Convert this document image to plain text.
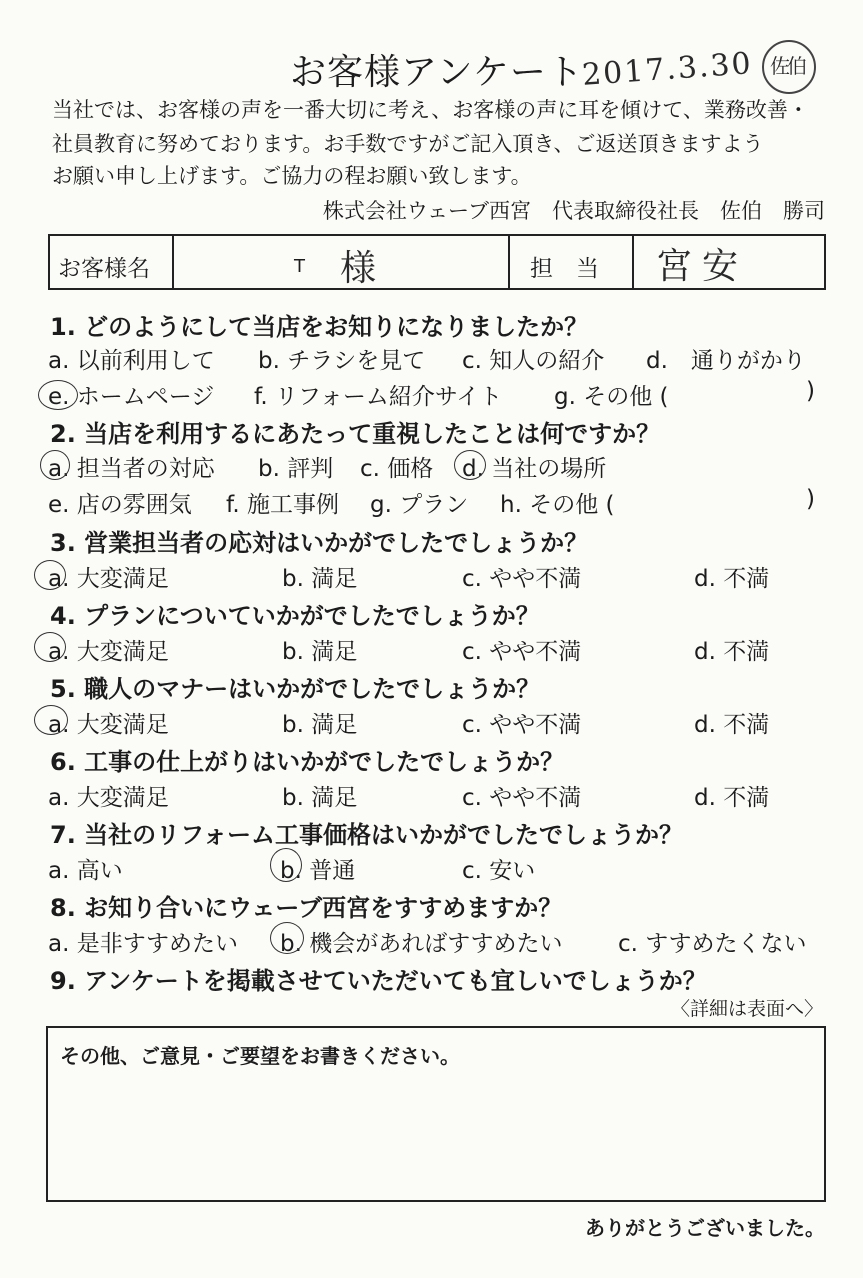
お客様アンケート
2017.3.30 佐伯
当社では、お客様の声を一番大切に考え、お客様の声に耳を傾けて、業務改善・
社員教育に努めております。お手数ですがご記入頂き、ご返送頂きますよう
お願い申し上げます。ご協力の程お願い致します。
株式会社ウェーブ西宮　代表取締役社長　佐伯　勝司
お客様名	T 様	担　当 宮安
1. どのようにして当店をお知りになりましたか？
a. 以前利用して b. チラシを見て c. 知人の紹介 d.　通りがかり
e. ホームページ f. リフォーム紹介サイト g. その他 (	)
2. 当店を利用するにあたって重視したことは何ですか？
a. 担当者の対応 b. 評判 c. 価格 d. 当社の場所
e. 店の雰囲気 f. 施工事例 g. プラン h. その他 (	)
3. 営業担当者の応対はいかがでしたでしょうか？
a. 大変満足	b. 満足	c. やや不満	d. 不満
4. プランについていかがでしたでしょうか？
a. 大変満足	b. 満足	c. やや不満	d. 不満
5. 職人のマナーはいかがでしたでしょうか？
a. 大変満足	b. 満足	c. やや不満	d. 不満
6. 工事の仕上がりはいかがでしたでしょうか？
a. 大変満足	b. 満足	c. やや不満	d. 不満
7. 当社のリフォーム工事価格はいかがでしたでしょうか？
a. 高い	b. 普通	c. 安い
8. お知り合いにウェーブ西宮をすすめますか？
a. 是非すすめたい b. 機会があればすすめたい c. すすめたくない
9. アンケートを掲載させていただいても宜しいでしょうか？
〈詳細は表面へ〉
その他、ご意見・ご要望をお書きください。
ありがとうございました。
